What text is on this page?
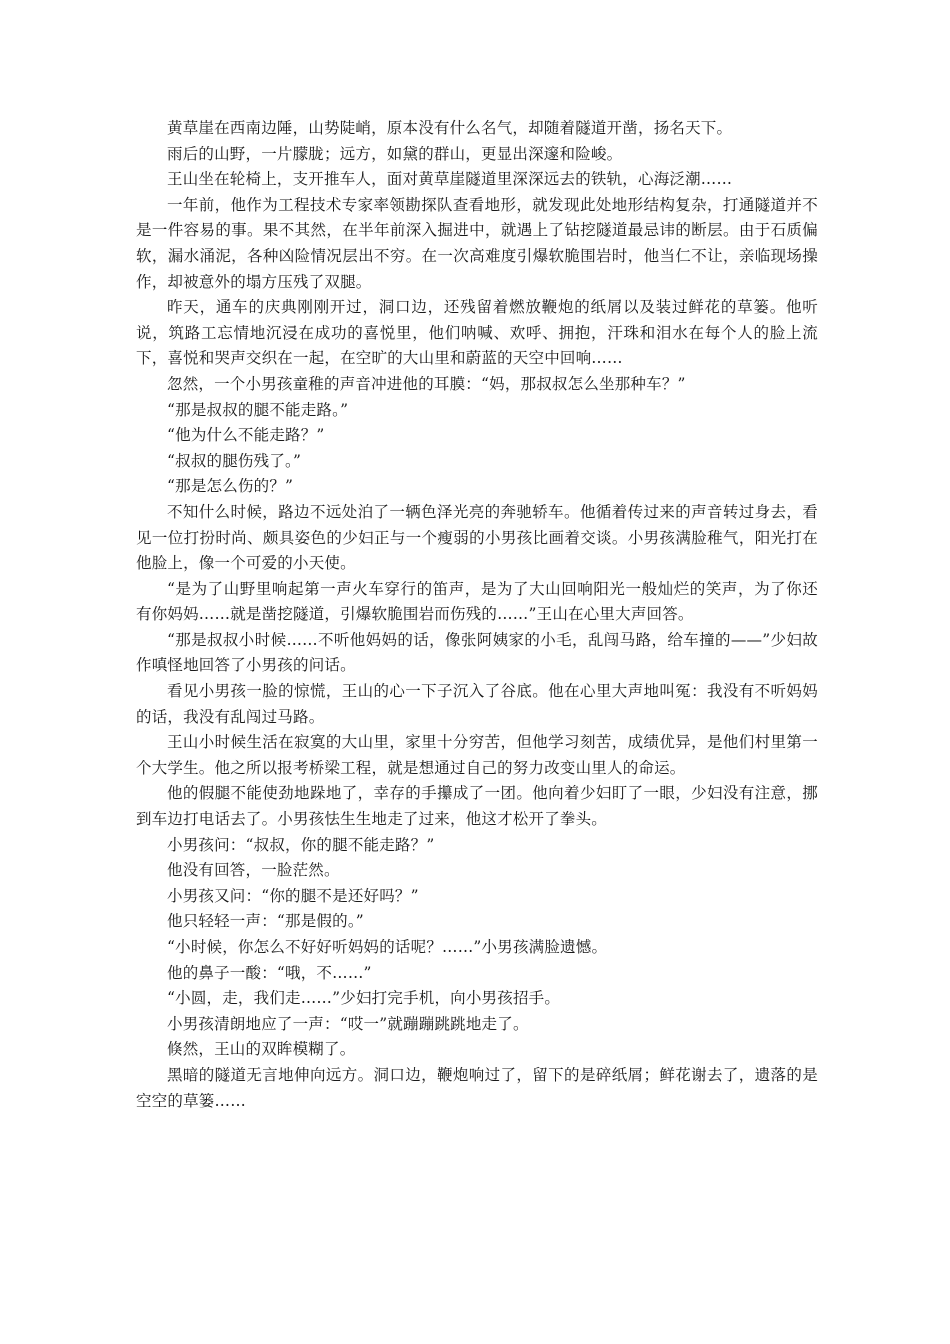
黄草崖在西南边陲，山势陡峭，原本没有什么名气，却随着隧道开凿，扬名天下。

雨后的山野，一片朦胧；远方，如黛的群山，更显出深邃和险峻。

王山坐在轮椅上，支开推车人，面对黄草崖隧道里深深远去的铁轨，心海泛潮……

一年前，他作为工程技术专家率领勘探队查看地形，就发现此处地形结构复杂，打通隧道并不是一件容易的事。果不其然，在半年前深入掘进中，就遇上了钻挖隧道最忌讳的断层。由于石质偏软，漏水涌泥，各种凶险情况层出不穷。在一次高难度引爆软脆围岩时，他当仁不让，亲临现场操作，却被意外的塌方压残了双腿。

昨天，通车的庆典刚刚开过，洞口边，还残留着燃放鞭炮的纸屑以及装过鲜花的草篓。他听说，筑路工忘情地沉浸在成功的喜悦里，他们呐喊、欢呼、拥抱，汗珠和泪水在每个人的脸上流下，喜悦和哭声交织在一起，在空旷的大山里和蔚蓝的天空中回响……

忽然，一个小男孩童稚的声音冲进他的耳膜：“妈，那叔叔怎么坐那种车？”

“那是叔叔的腿不能走路。”

“他为什么不能走路？”

“叔叔的腿伤残了。”

“那是怎么伤的？”

不知什么时候，路边不远处泊了一辆色泽光亮的奔驰轿车。他循着传过来的声音转过身去，看见一位打扮时尚、颇具姿色的少妇正与一个瘦弱的小男孩比画着交谈。小男孩满脸稚气，阳光打在他脸上，像一个可爱的小天使。

“是为了山野里响起第一声火车穿行的笛声，是为了大山回响阳光一般灿烂的笑声，为了你还有你妈妈……就是凿挖隧道，引爆软脆围岩而伤残的……”王山在心里大声回答。

“那是叔叔小时候……不听他妈妈的话，像张阿姨家的小毛，乱闯马路，给车撞的——”少妇故作嗔怪地回答了小男孩的问话。

看见小男孩一脸的惊慌，王山的心一下子沉入了谷底。他在心里大声地叫冤：我没有不听妈妈的话，我没有乱闯过马路。

王山小时候生活在寂寞的大山里，家里十分穷苦，但他学习刻苦，成绩优异，是他们村里第一个大学生。他之所以报考桥梁工程，就是想通过自己的努力改变山里人的命运。

他的假腿不能使劲地跺地了，幸存的手攥成了一团。他向着少妇盯了一眼，少妇没有注意，挪到车边打电话去了。小男孩怯生生地走了过来，他这才松开了拳头。

小男孩问：“叔叔，你的腿不能走路？”

他没有回答，一脸茫然。

小男孩又问：“你的腿不是还好吗？”

他只轻轻一声：“那是假的。”

“小时候，你怎么不好好听妈妈的话呢？……”小男孩满脸遗憾。

他的鼻子一酸：“哦，不……”

“小圆，走，我们走……”少妇打完手机，向小男孩招手。

小男孩清朗地应了一声：“哎一”就蹦蹦跳跳地走了。

倏然，王山的双眸模糊了。

黑暗的隧道无言地伸向远方。洞口边，鞭炮响过了，留下的是碎纸屑；鲜花谢去了，遗落的是空空的草篓……
